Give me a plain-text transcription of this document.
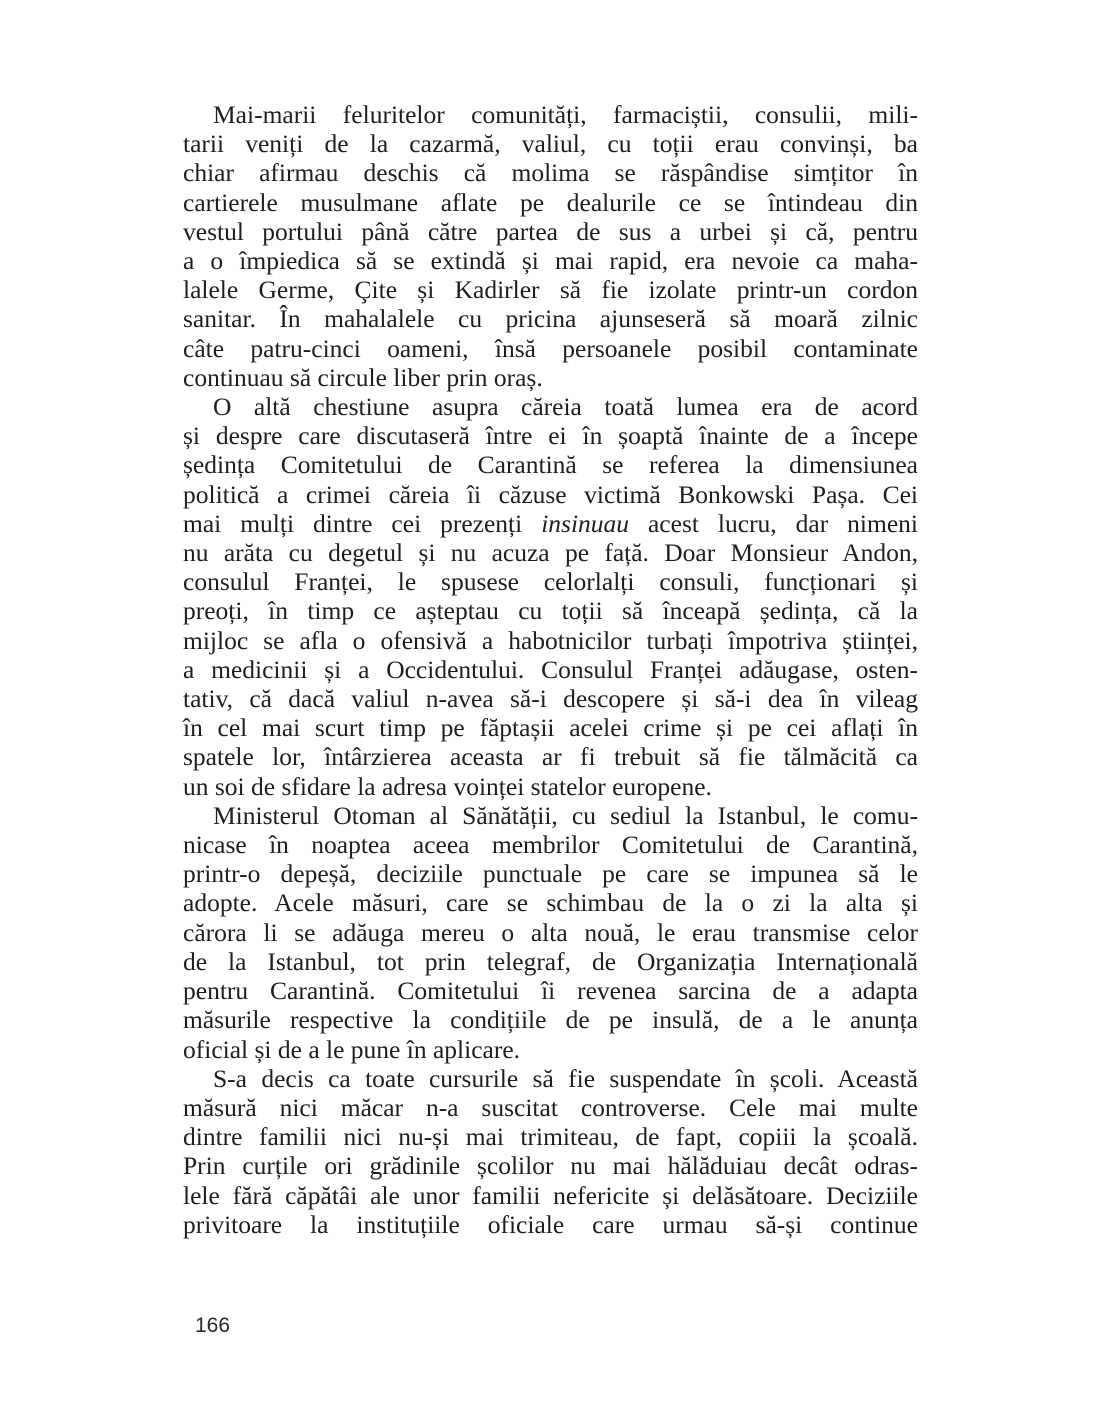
Mai-marii feluritelor comunități, farmaciștii, consulii, mili-
tarii veniți de la cazarmă, valiul, cu toții erau convinși, ba
chiar afirmau deschis că molima se răspândise simțitor în
cartierele musulmane aflate pe dealurile ce se întindeau din
vestul portului până către partea de sus a urbei și că, pentru
a o împiedica să se extindă și mai rapid, era nevoie ca maha-
lalele Germe, Çite și Kadirler să fie izolate printr-un cordon
sanitar. În mahalalele cu pricina ajunseseră să moară zilnic
câte patru-cinci oameni, însă persoanele posibil contaminate
continuau să circule liber prin oraș.
O altă chestiune asupra căreia toată lumea era de acord
și despre care discutaseră între ei în șoaptă înainte de a începe
ședința Comitetului de Carantină se referea la dimensiunea
politică a crimei căreia îi căzuse victimă Bonkowski Pașa. Cei
mai mulți dintre cei prezenți insinuau acest lucru, dar nimeni
nu arăta cu degetul și nu acuza pe față. Doar Monsieur Andon,
consulul Franței, le spusese celorlalți consuli, funcționari și
preoți, în timp ce așteptau cu toții să înceapă ședința, că la
mijloc se afla o ofensivă a habotnicilor turbați împotriva științei,
a medicinii și a Occidentului. Consulul Franței adăugase, osten-
tativ, că dacă valiul n-avea să-i descopere și să-i dea în vileag
în cel mai scurt timp pe făptașii acelei crime și pe cei aflați în
spatele lor, întârzierea aceasta ar fi trebuit să fie tălmăcită ca
un soi de sfidare la adresa voinței statelor europene.
Ministerul Otoman al Sănătății, cu sediul la Istanbul, le comu-
nicase în noaptea aceea membrilor Comitetului de Carantină,
printr-o depeșă, deciziile punctuale pe care se impunea să le
adopte. Acele măsuri, care se schimbau de la o zi la alta și
cărora li se adăuga mereu o alta nouă, le erau transmise celor
de la Istanbul, tot prin telegraf, de Organizația Internațională
pentru Carantină. Comitetului îi revenea sarcina de a adapta
măsurile respective la condițiile de pe insulă, de a le anunța
oficial și de a le pune în aplicare.
S-a decis ca toate cursurile să fie suspendate în școli. Această
măsură nici măcar n-a suscitat controverse. Cele mai multe
dintre familii nici nu-și mai trimiteau, de fapt, copiii la școală.
Prin curțile ori grădinile școlilor nu mai hălăduiau decât odras-
lele fără căpătâi ale unor familii nefericite și delăsătoare. Deciziile
privitoare la instituțiile oficiale care urmau să-și continue
166
